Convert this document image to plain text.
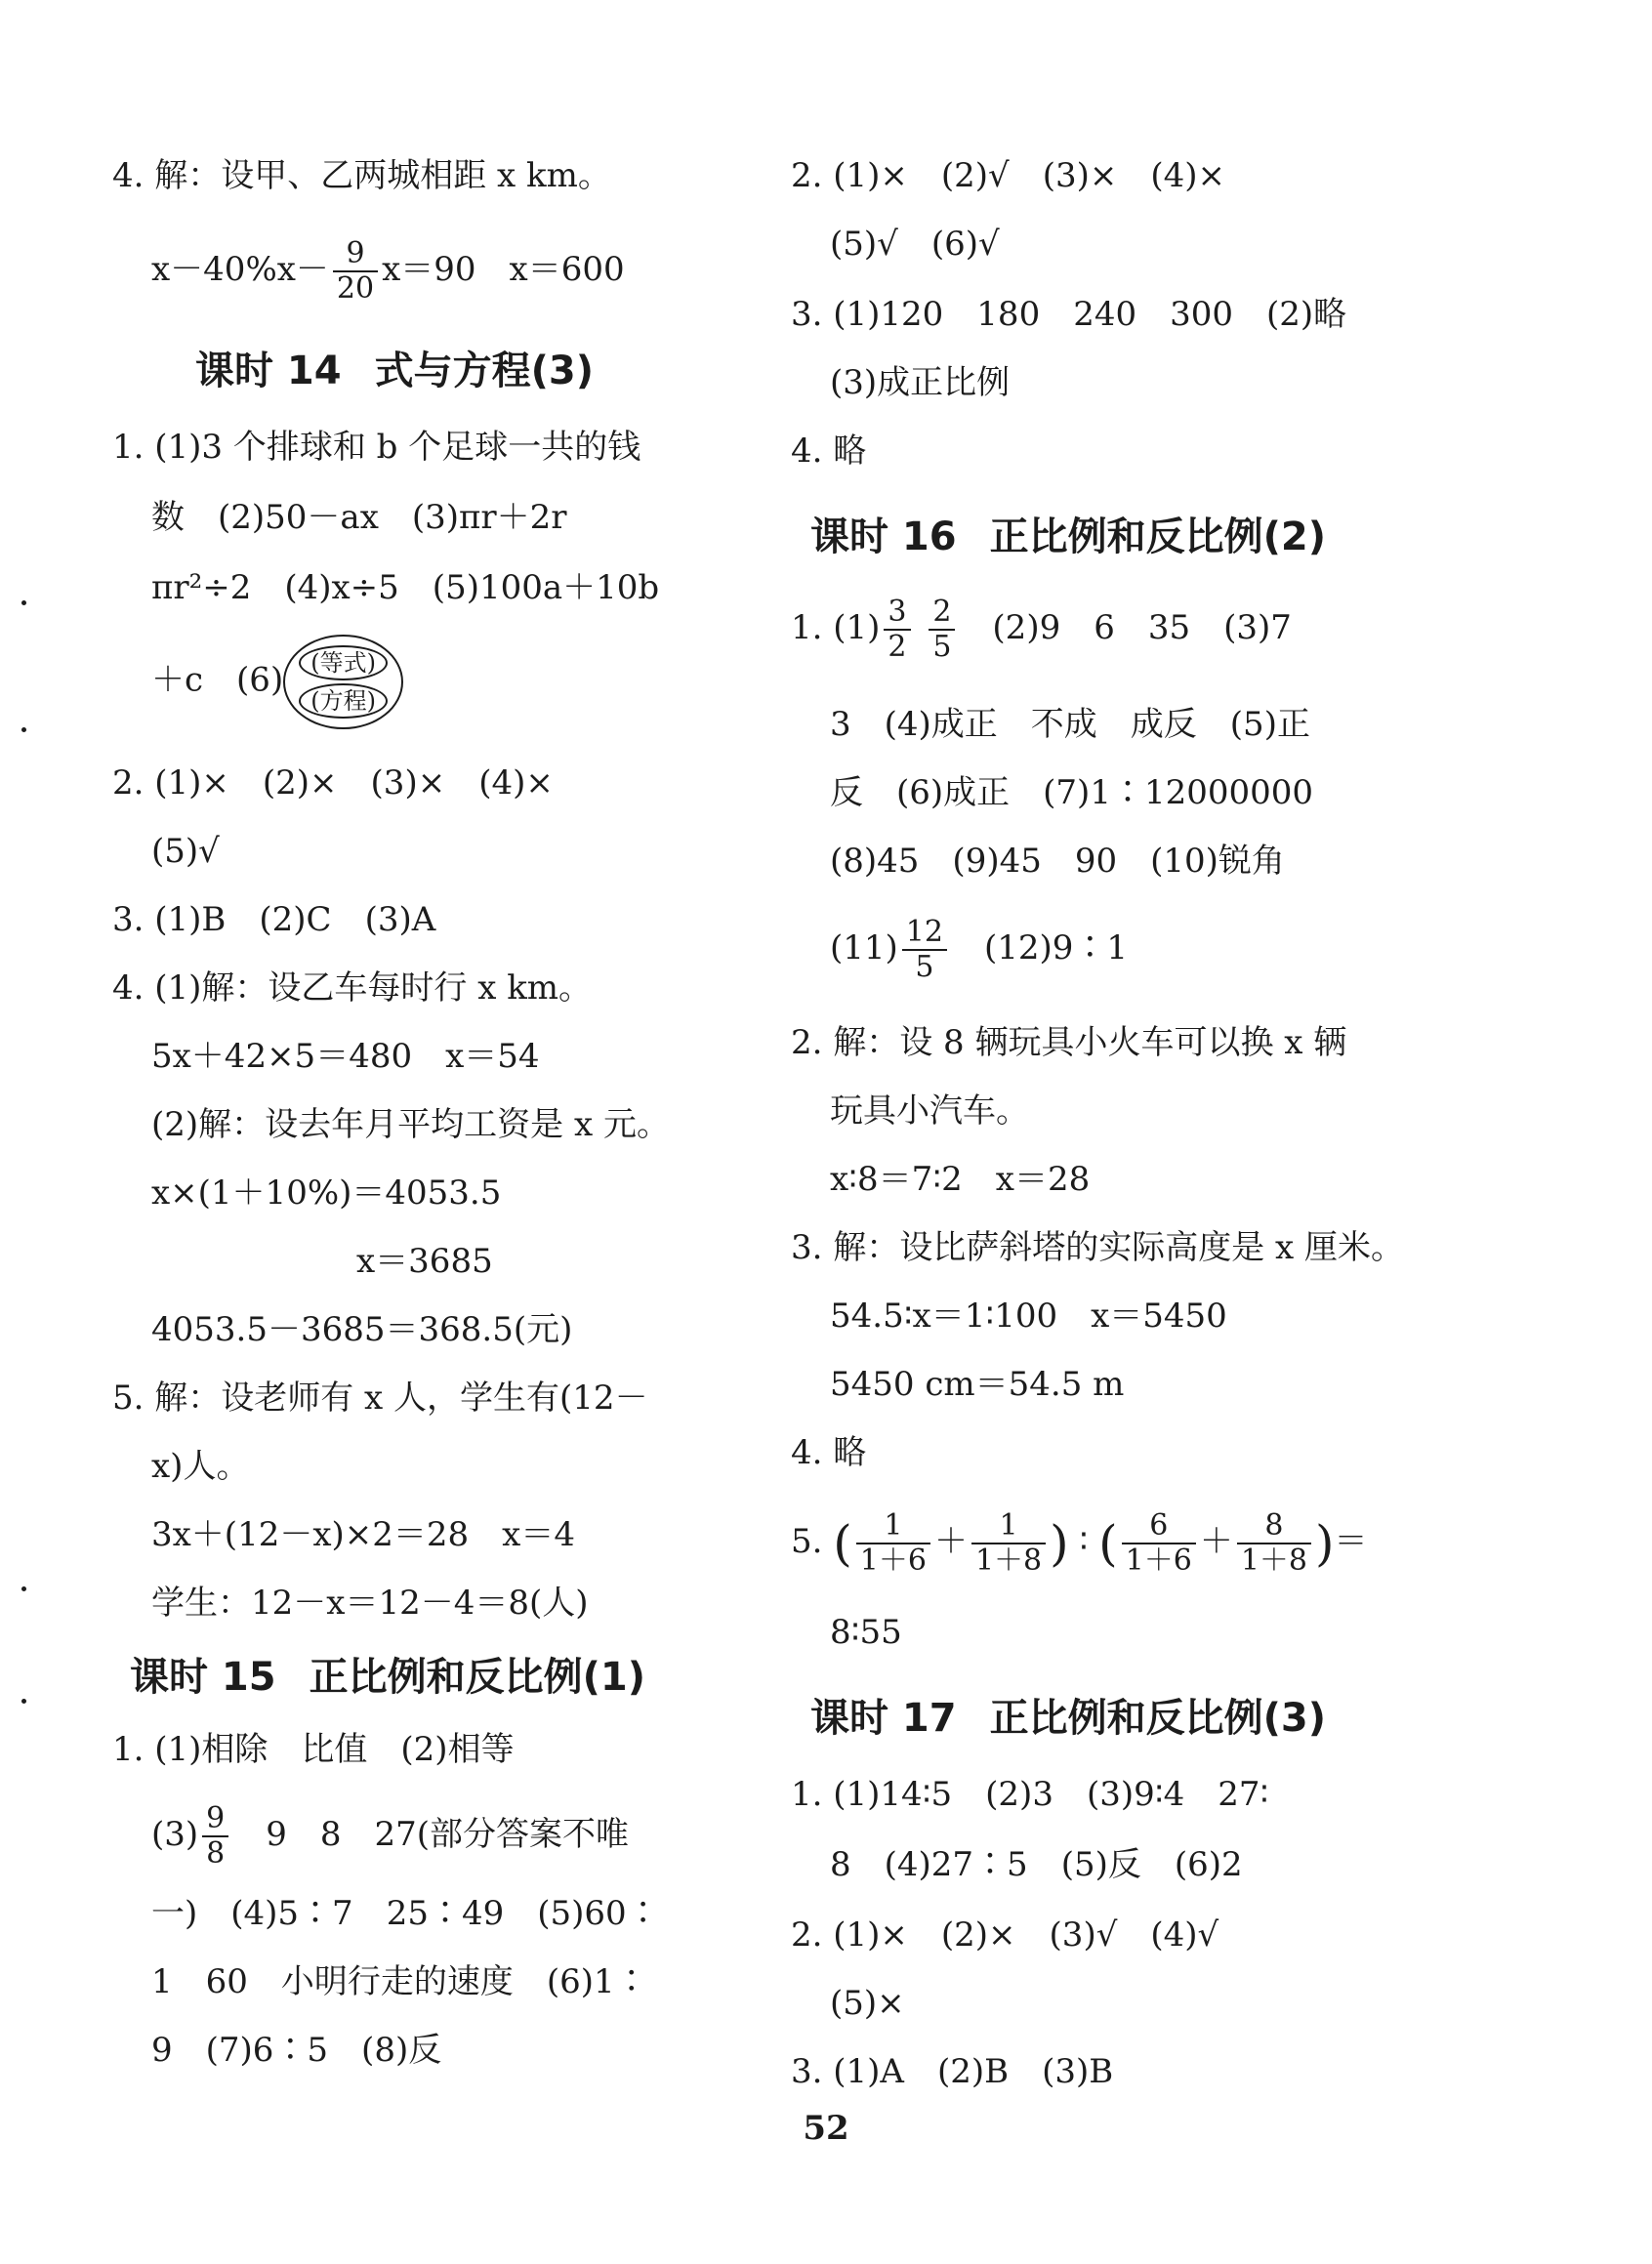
4. 解：设甲、乙两城相距 x km。
$x-40\%x- \frac{9}{20} x=90$　x＝600
课时 14 式与方程(3)
1. (1)3 个排球和 b 个足球一共的钱
数　(2)50－ax　(3)πr＋2r
πr²÷2　(4)x÷5　(5)100a＋10b
＋c　(6)	(等式)
(方程)
2. (1)×　(2)×　(3)×　(4)×
(5)√
3. (1)B　(2)C　(3)A
4. (1)解：设乙车每时行 x km。
5x＋42×5＝480　x＝54
(2)解：设去年月平均工资是 x 元。
x×(1＋10%)＝4053.5
x＝3685
4053.5－3685＝368.5(元)
5. 解：设老师有 x 人，学生有(12－
x)人。
3x＋(12－x)×2＝28　x＝4
学生：12－x＝12－4＝8(人)
课时 15 正比例和反比例(1)
1. (1)相除　比值　(2)相等
$(3) \frac{9}{8}$ 　9　8　27(部分答案不唯
一)　(4)5∶7　25∶49　(5)60∶
1　60　小明行走的速度　(6)1∶
9　(7)6∶5　(8)反
2. (1)×　(2)√　(3)×　(4)×
(5)√　(6)√
3. (1)120　180　240　300　(2)略
(3)成正比例
4. 略
课时 16 正比例和反比例(2)
1. $(1) \frac{3}{2}$
$\frac{2}{5}$ 　(2)9　6　35　(3)7
3　(4)成正　不成　成反　(5)正
反　(6)成正　(7)1∶12000000
(8)45　(9)45　90　(10)锐角
$(11) \frac{12}{5}$ 　(12)9∶1
2. 解：设 8 辆玩具小火车可以换 x 辆
玩具小汽车。
x∶8＝7∶2　x＝28
3. 解：设比萨斜塔的实际高度是 x 厘米。
54.5∶x＝1∶100　x＝5450
5450 cm＝54.5 m
4. 略
5. ( $\frac{1}{1+6} + \frac{1}{1+8}$ ) ∶ ( $\frac{6}{1+6} + \frac{8}{1+8}$ )＝
8∶55
课时 17 正比例和反比例(3)
1. (1)14∶5　(2)3　(3)9∶4　27∶
8　(4)27∶5　(5)反　(6)2
2. (1)×　(2)×　(3)√　(4)√
(5)×
3. (1)A　(2)B　(3)B
52
